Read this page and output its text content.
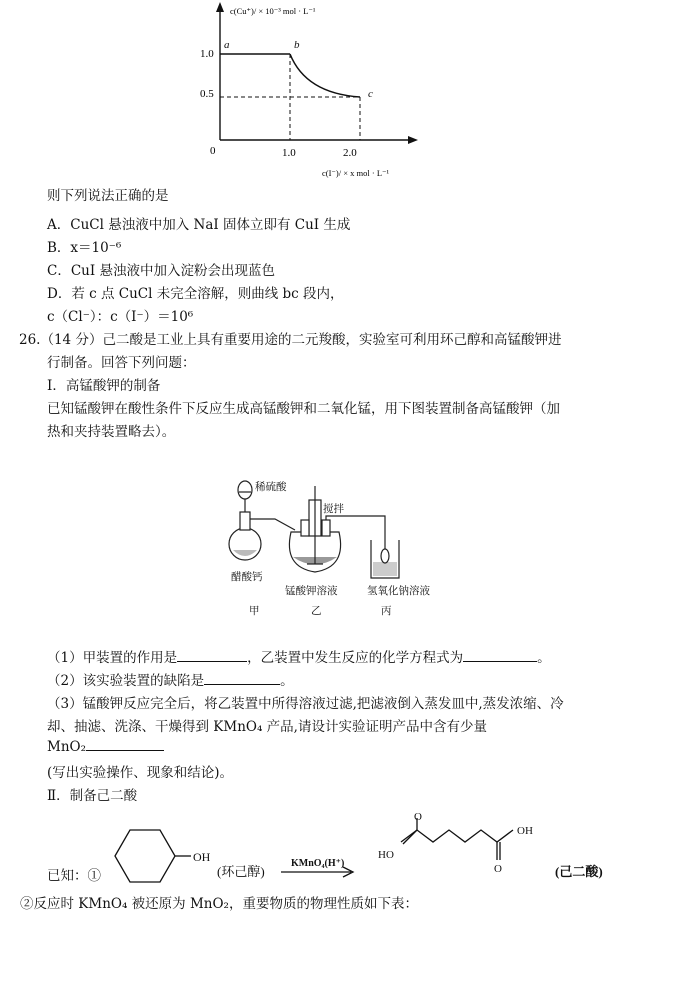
c(Cu⁺)/ × 10⁻³ mol · L⁻¹
c(I⁻)/ × x mol · L⁻¹
0
1.0
0.5
1.0	2.0
a	b
c
则下列说法正确的是
A．CuCl 悬浊液中加入 NaI 固体立即有 CuI 生成
B．x＝10⁻⁶
C．CuI 悬浊液中加入淀粉会出现蓝色
D．若 c 点 CuCl 未完全溶解，则曲线 bc 段内，
c（Cl⁻）：c（I⁻）＝10⁶
26.（14 分）己二酸是工业上具有重要用途的二元羧酸，实验室可利用环己醇和高锰酸钾进
行制备。回答下列问题：
Ⅰ．高锰酸钾的制备
已知锰酸钾在酸性条件下反应生成高锰酸钾和二氧化锰，用下图装置制备高锰酸钾（加
热和夹持装置略去）。
稀硫酸
搅拌
醋酸钙
锰酸钾溶液	氢氧化钠溶液
甲	乙	丙
（1）甲装置的作用是	，乙装置中发生反应的化学方程式为	。
（2）该实验装置的缺陷是	。
（3）锰酸钾反应完全后，将乙装置中所得溶液过滤,把滤液倒入蒸发皿中,蒸发浓缩、冷
却、抽滤、洗涤、干燥得到 KMnO₄ 产品,请设计实验证明产品中含有少量
MnO₂
(写出实验操作、现象和结论)。
Ⅱ．制备己二酸
已知：①
OH
(环己醇)
KMnO₄(H⁺)
HO
O
O
OH
(己二酸)
②反应时 KMnO₄ 被还原为 MnO₂，重要物质的物理性质如下表：
